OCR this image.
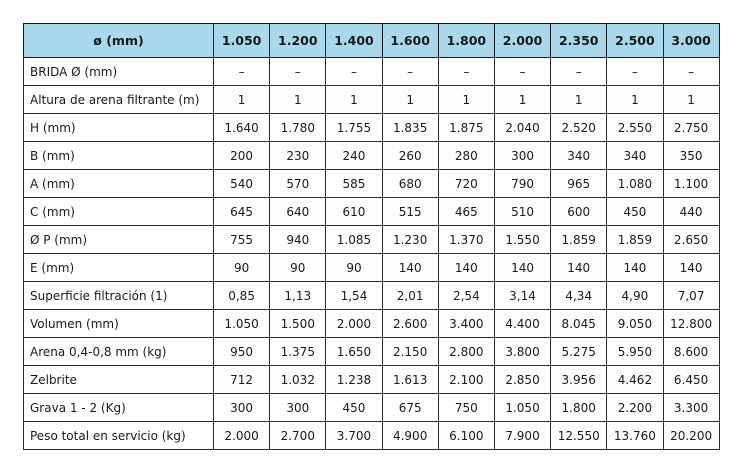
ø (mm)	1.050	1.200	1.400	1.600	1.800	2.000	2.350	2.500	3.000
BRIDA Ø (mm)	–	–	–	–	–	–	–	–	–
Altura de arena filtrante (m)	1	1	1	1	1	1	1	1	1
H (mm)	1.640	1.780	1.755	1.835	1.875	2.040	2.520	2.550	2.750
B (mm)	200	230	240	260	280	300	340	340	350
A (mm)	540	570	585	680	720	790	965	1.080	1.100
C (mm)	645	640	610	515	465	510	600	450	440
Ø P (mm)	755	940	1.085	1.230	1.370	1.550	1.859	1.859	2.650
E (mm)	90	90	90	140	140	140	140	140	140
Superficie filtración (1)	0,85	1,13	1,54	2,01	2,54	3,14	4,34	4,90	7,07
Volumen (mm)	1.050	1.500	2.000	2.600	3.400	4.400	8.045	9.050	12.800
Arena 0,4-0,8 mm (kg)	950	1.375	1.650	2.150	2.800	3.800	5.275	5.950	8.600
Zelbrite	712	1.032	1.238	1.613	2.100	2.850	3.956	4.462	6.450
Grava 1 - 2 (Kg)	300	300	450	675	750	1.050	1.800	2.200	3.300
Peso total en servicio (kg)	2.000	2.700	3.700	4.900	6.100	7.900	12.550	13.760	20.200
